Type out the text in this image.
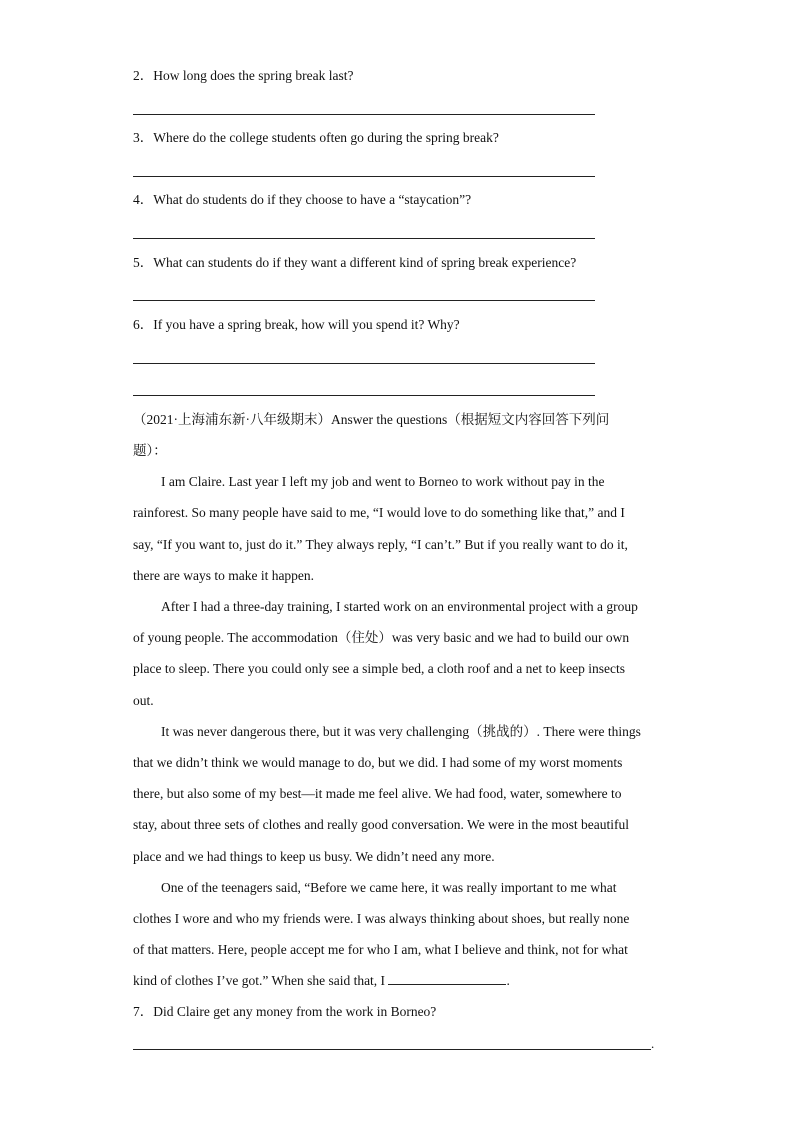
2．How long does the spring break last?
3．Where do the college students often go during the spring break?
4．What do students do if they choose to have a “staycation”?
5．What can students do if they want a different kind of spring break experience?
6．If you have a spring break, how will you spend it? Why?
（2021·上海浦东新·八年级期末）Answer the questions（根据短文内容回答下列问
题）：
I am Claire. Last year I left my job and went to Borneo to work without pay in the
rainforest. So many people have said to me, “I would love to do something like that,” and I
say, “If you want to, just do it.” They always reply, “I can’t.” But if you really want to do it,
there are ways to make it happen.
After I had a three-day training, I started work on an environmental project with a group
of young people. The accommodation（住处）was very basic and we had to build our own
place to sleep. There you could only see a simple bed, a cloth roof and a net to keep insects
out.
It was never dangerous there, but it was very challenging（挑战的）. There were things
that we didn’t think we would manage to do, but we did. I had some of my worst moments
there, but also some of my best—it made me feel alive. We had food, water, somewhere to
stay, about three sets of clothes and really good conversation. We were in the most beautiful
place and we had things to keep us busy. We didn’t need any more.
One of the teenagers said, “Before we came here, it was really important to me what
clothes I wore and who my friends were. I was always thinking about shoes, but really none
of that matters. Here, people accept me for who I am, what I believe and think, not for what
kind of clothes I’ve got.” When she said that, I	.
7．Did Claire get any money from the work in Borneo?
.
